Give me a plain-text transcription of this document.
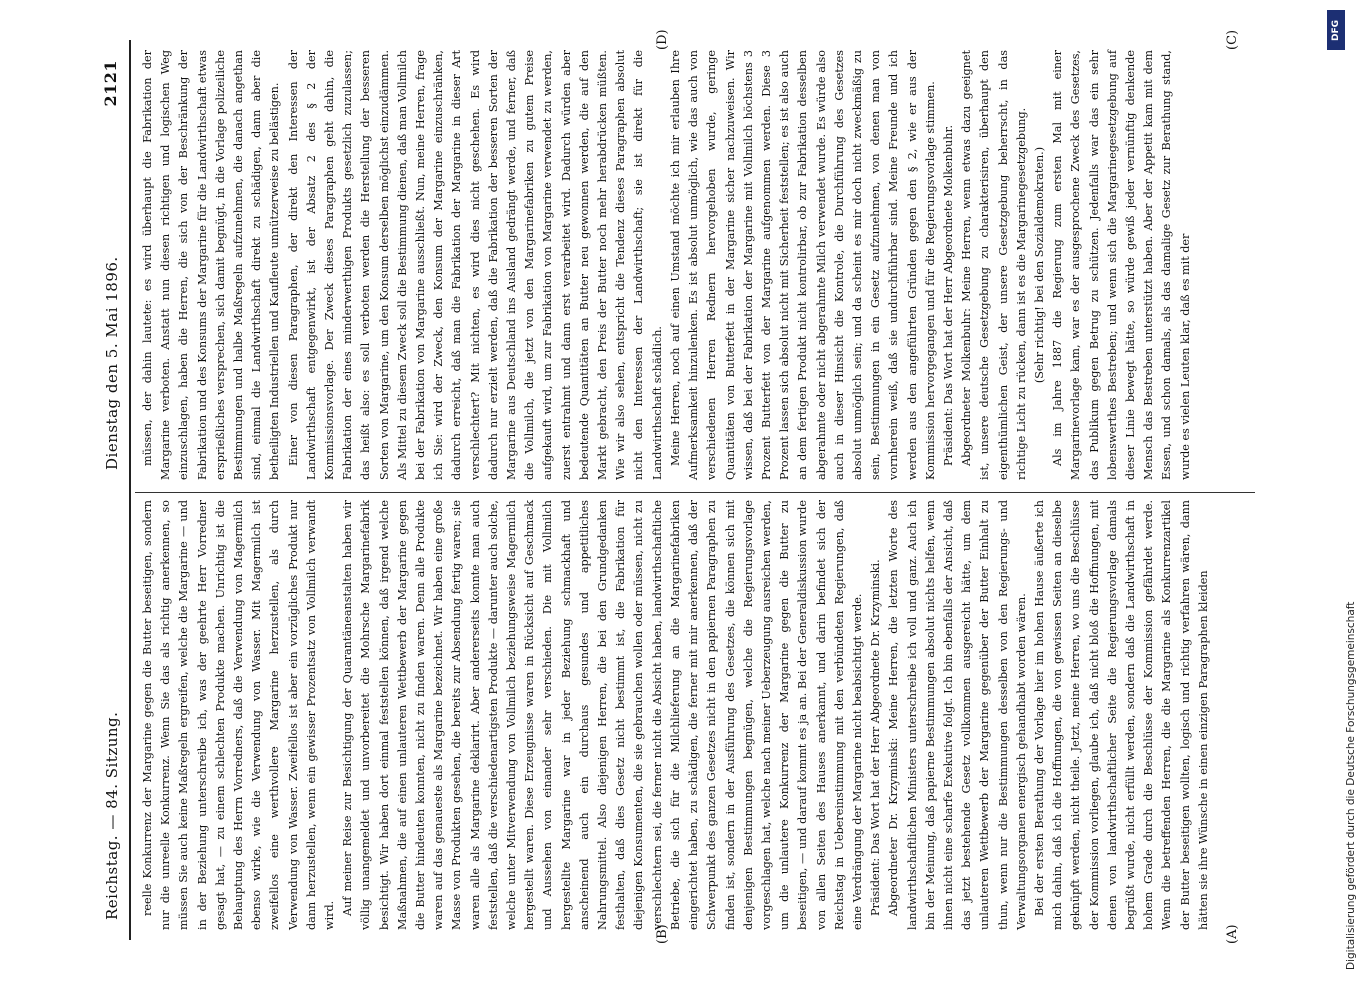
Reichstag. — 84. Sitzung.
Dienstag den 5. Mai 1896.
2121

reelle Konkurrenz der Margarine gegen die Butter beseitigen, sondern nur die unreelle Konkurrenz. Wenn Sie das als richtig anerkennen, so müssen Sie auch keine Maßregeln ergreifen, welche die Margarine — und in der Beziehung unterschreibe ich, was der geehrte Herr Vorredner gesagt hat, — zu einem schlechten Produkte machen. Unrichtig ist die Behauptung des Herrn Vorredners, daß die Verwendung von Magermilch ebenso wirke, wie die Verwendung von Wasser. Mit Magermilch ist zweifellos eine werthvollere Margarine herzustellen, als durch Verwendung von Wasser. Zweifellos ist aber ein vorzügliches Produkt nur dann herzustellen, wenn ein gewisser Prozentsatz von Vollmilch verwandt wird. Auf meiner Reise zur Besichtigung der Quarantäneanstalten haben wir völlig unangemeldet und unvorbereitet die Mohrsche Margarinefabrik besichtigt. Wir haben dort einmal feststellen können, daß irgend welche Maßnahmen, die auf einen unlauteren Wettbewerb der Margarine gegen die Butter hindeuten konnten, nicht zu finden waren. Denn alle Produkte waren auf das genaueste als Margarine bezeichnet. Wir haben eine große Masse von Produkten gesehen, die bereits zur Absendung fertig waren; sie waren alle als Margarine deklarirt. Aber andererseits konnte man auch feststellen, daß die verschiedenartigsten Produkte — darunter auch solche, welche unter Mitverwendung von Vollmilch beziehungsweise Magermilch hergestellt waren. Diese Erzeugnisse waren in Rücksicht auf Geschmack und Aussehen von einander sehr verschieden. Die mit Vollmilch hergestellte Margarine war in jeder Beziehung schmackhaft und anscheinend auch ein durchaus gesundes und appetitliches Nahrungsmittel. Also diejenigen Herren, die bei den Grundgedanken festhalten, daß dies Gesetz nicht bestimmt ist, die Fabrikation für diejenigen Konsumenten, die sie gebrauchen wollen oder müssen, nicht zu verschlechtern sei, die ferner nicht die Absicht haben, landwirthschaftliche Betriebe, die sich für die Milchlieferung an die Margarinefabriken eingerichtet haben, zu schädigen, die ferner mit mir anerkennen, daß der Schwerpunkt des ganzen Gesetzes nicht in den papiernen Paragraphen zu finden ist, sondern in der Ausführung des Gesetzes, die können sich mit denjenigen Bestimmungen begnügen, welche die Regierungsvorlage vorgeschlagen hat, welche nach meiner Ueberzeugung ausreichen werden, um die unlautere Konkurrenz der Margarine gegen die Butter zu beseitigen, — und darauf kommt es ja an. Bei der Generaldiskussion wurde von allen Seiten des Hauses anerkannt, und darin befindet sich der Reichstag in Uebereinstimmung mit den verbündeten Regierungen, daß eine Verdrängung der Margarine nicht beabsichtigt werde. Präsident: Das Wort hat der Herr Abgeordnete Dr. Krzyminski. Abgeordneter Dr. Krzyminski: Meine Herren, die letzten Worte des landwirthschaftlichen Ministers unterschreibe ich voll und ganz. Auch ich bin der Meinung, daß papierne Bestimmungen absolut nichts helfen, wenn ihnen nicht eine scharfe Exekutive folgt. Ich bin ebenfalls der Ansicht, daß das jetzt bestehende Gesetz vollkommen ausgereicht hätte, um dem unlauteren Wettbewerb der Margarine gegenüber der Butter Einhalt zu thun, wenn nur die Bestimmungen desselben von den Regierungs- und Verwaltungsorganen energisch gehandhabt worden wären. Bei der ersten Berathung der Vorlage hier im hohen Hause äußerte ich mich dahin, daß ich die Hoffnungen, die von gewissen Seiten an dieselbe geknüpft werden, nicht theile. Jetzt, meine Herren, wo uns die Beschlüsse der Kommission vorliegen, glaube ich, daß nicht bloß die Hoffnungen, mit denen von landwirthschaftlicher Seite die Regierungsvorlage damals begrüßt wurde, nicht erfüllt werden, sondern daß die Landwirthschaft in hohem Grade durch die Beschlüsse der Kommission gefährdet werde. Wenn die betreffenden Herren, die die Margarine als Konkurrenzartikel der Butter beseitigen wollten, logisch und richtig verfahren wären, dann hätten sie ihre Wünsche in einen einzigen Paragraphen kleiden

müssen, der dahin lautete: es wird überhaupt die Fabrikation der Margarine verboten. Anstatt nun diesen richtigen und logischen Weg einzuschlagen, haben die Herren, die sich von der Beschränkung der Fabrikation und des Konsums der Margarine für die Landwirthschaft etwas ersprießliches versprechen, sich damit begnügt, in die Vorlage polizeiliche Bestimmungen und halbe Maßregeln aufzunehmen, die danach angethan sind, einmal die Landwirthschaft direkt zu schädigen, dann aber die betheiligten Industriellen und Kaufleute unnützerweise zu belästigen. Einer von diesen Paragraphen, der direkt den Interessen der Landwirthschaft entgegenwirkt, ist der Absatz 2 des § 2 der Kommissionsvorlage. Der Zweck dieses Paragraphen geht dahin, die Fabrikation der eines minderwerthigen Produkts gesetzlich zuzulassen; das heißt also: es soll verboten werden die Herstellung der besseren Sorten von Margarine, um den Konsum derselben möglichst einzudämmen. Als Mittel zu diesem Zweck soll die Bestimmung dienen, daß man Vollmilch bei der Fabrikation von Margarine ausschließt. Nun, meine Herren, frage ich Sie: wird der Zweck, den Konsum der Margarine einzuschränken, dadurch erreicht, daß man die Fabrikation der Margarine in dieser Art verschlechtert? Mit nichten, es wird dies nicht geschehen. Es wird dadurch nur erzielt werden, daß die Fabrikation der besseren Sorten der Margarine aus Deutschland ins Ausland gedrängt werde, und ferner, daß die Vollmilch, die jetzt von den Margarinefabriken zu gutem Preise aufgekauft wird, um zur Fabrikation von Margarine verwendet zu werden, zuerst entrahmt und dann erst verarbeitet wird. Dadurch würden aber bedeutende Quantitäten an Butter neu gewonnen werden, die auf den Markt gebracht, den Preis der Butter noch mehr herabdrücken müßten. Wie wir also sehen, entspricht die Tendenz dieses Paragraphen absolut nicht den Interessen der Landwirthschaft; sie ist direkt für die Landwirthschaft schädlich. Meine Herren, noch auf einen Umstand möchte ich mir erlauben Ihre Aufmerksamkeit hinzulenken. Es ist absolut unmöglich, wie das auch von verschiedenen Herren Rednern hervorgehoben wurde, geringe Quantitäten von Butterfett in der Margarine sicher nachzuweisen. Wir wissen, daß bei der Fabrikation der Margarine mit Vollmilch höchstens 3 Prozent Butterfett von der Margarine aufgenommen werden. Diese 3 Prozent lassen sich absolut nicht mit Sicherheit feststellen; es ist also auch an dem fertigen Produkt nicht kontrolirbar, ob zur Fabrikation desselben abgerahmte oder nicht abgerahmte Milch verwendet wurde. Es würde also auch in dieser Hinsicht die Kontrole, die Durchführung des Gesetzes absolut unmöglich sein; und da scheint es mir doch nicht zweckmäßig zu sein, Bestimmungen in ein Gesetz aufzunehmen, von denen man von vornherein weiß, daß sie undurchführbar sind. Meine Freunde und ich werden aus den angeführten Gründen gegen den § 2, wie er aus der Kommission hervorgegangen und für die Regierungsvorlage stimmen. Präsident: Das Wort hat der Herr Abgeordnete Molkenbuhr. Abgeordneter Molkenbuhr: Meine Herren, wenn etwas dazu geeignet ist, unsere deutsche Gesetzgebung zu charakterisiren, überhaupt den eigenthümlichen Geist, der unsere Gesetzgebung beherrscht, in das richtige Licht zu rücken, dann ist es die Margarinegesetzgebung. (Sehr richtig! bei den Sozialdemokraten.) Als im Jahre 1887 die Regierung zum ersten Mal mit einer Margarinevorlage kam, war es der ausgesprochene Zweck des Gesetzes, das Publikum gegen Betrug zu schützen. Jedenfalls war das ein sehr lobenswerthes Bestreben; und wenn sich die Margarinegesetzgebung auf dieser Linie bewegt hätte, so würde gewiß jeder vernünftig denkende Mensch das Bestreben unterstützt haben. Aber der Appetit kam mit dem Essen, und schon damals, als das damalige Gesetz zur Berathung stand, wurde es vielen Leuten klar, daß es mit der

(A)
(B)
(C)
(D)	DFG
Digitalisierung gefördert durch die Deutsche Forschungsgemeinschaft
